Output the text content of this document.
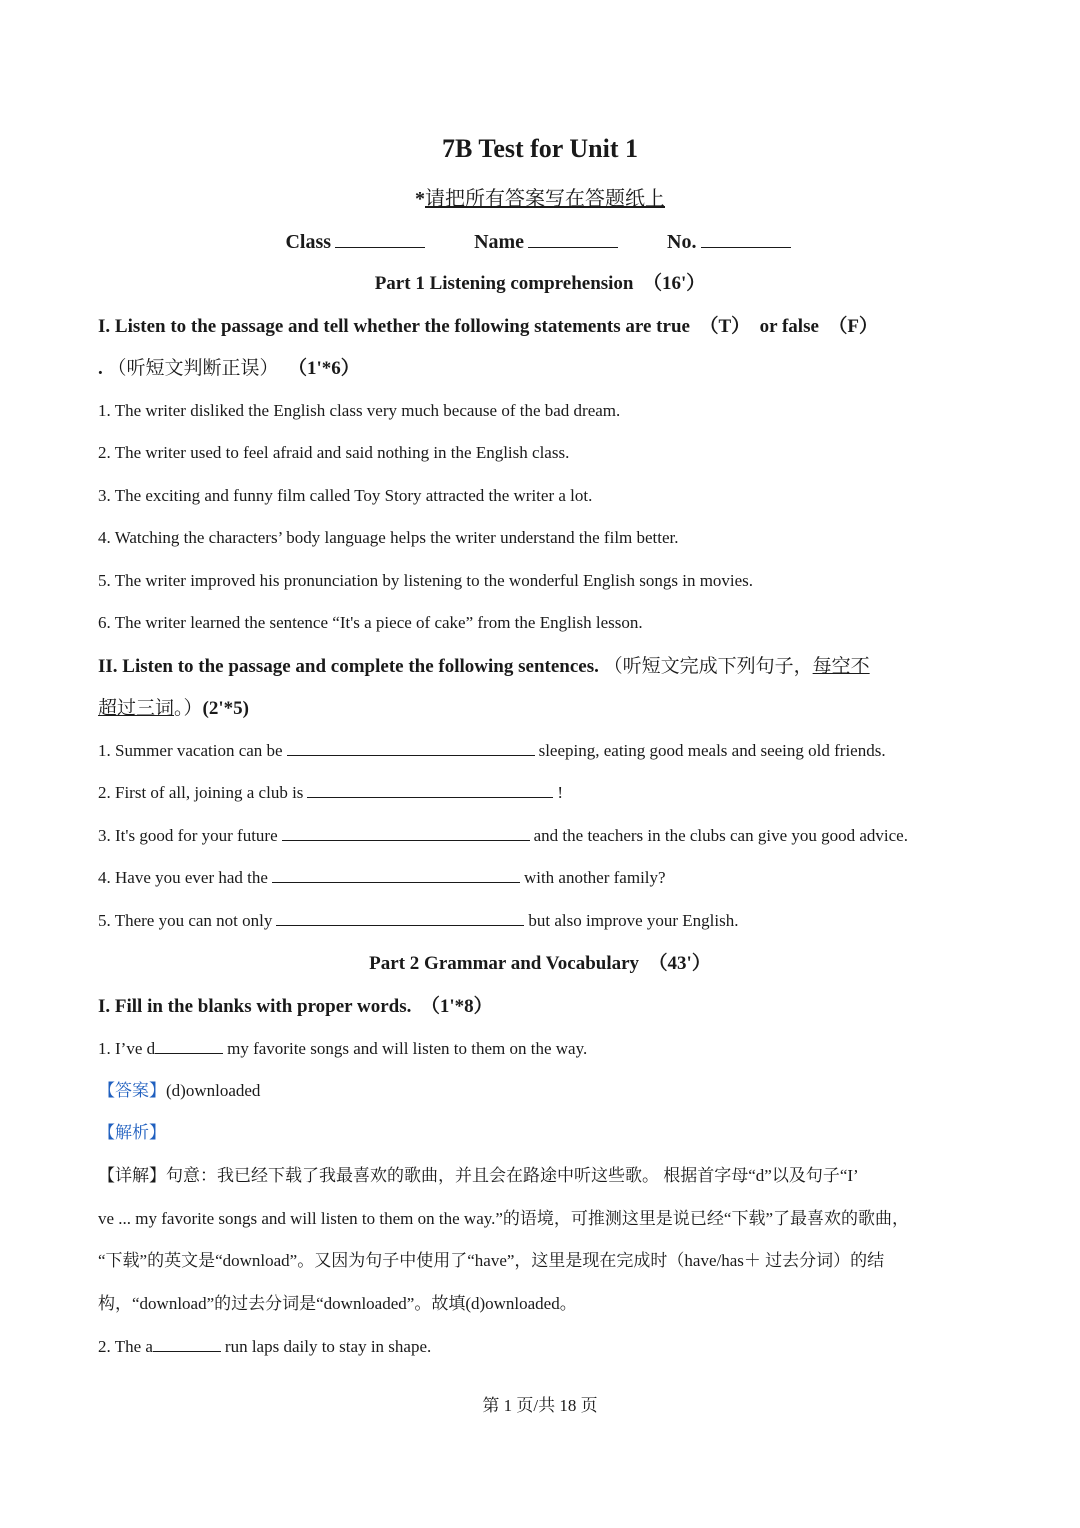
7B Test for Unit 1
*请把所有答案写在答题纸上
Class	Name	No.
Part 1 Listening comprehension （16'）
I. Listen to the passage and tell whether the following statements are true （T） or false （F）
. （听短文判断正误） （1'*6）
1. The writer disliked the English class very much because of the bad dream.
2. The writer used to feel afraid and said nothing in the English class.
3. The exciting and funny film called Toy Story attracted the writer a lot.
4. Watching the characters’ body language helps the writer understand the film better.
5. The writer improved his pronunciation by listening to the wonderful English songs in movies.
6. The writer learned the sentence “It's a piece of cake” from the English lesson.
II. Listen to the passage and complete the following sentences. （听短文完成下列句子，每空不
超过三词。）(2'*5)
1. Summer vacation can be	sleeping, eating good meals and seeing old friends.
2. First of all, joining a club is	!
3. It's good for your future	and the teachers in the clubs can give you good advice.
4. Have you ever had the	with another family?
5. There you can not only	but also improve your English.
Part 2 Grammar and Vocabulary （43'）
I. Fill in the blanks with proper words. （1'*8）
1. I’ve d	my favorite songs and will listen to them on the way.
【答案】(d)ownloaded
【解析】
【详解】句意：我已经下载了我最喜欢的歌曲，并且会在路途中听这些歌。 根据首字母“d”以及句子“I’
ve ... my favorite songs and will listen to them on the way.”的语境，可推测这里是说已经“下载”了最喜欢的歌曲，
“下载”的英文是“download”。又因为句子中使用了“have”，这里是现在完成时（have/has＋ 过去分词）的结
构，“download”的过去分词是“downloaded”。故填(d)ownloaded。
2. The a	run laps daily to stay in shape.
第 1 页/共 18 页
